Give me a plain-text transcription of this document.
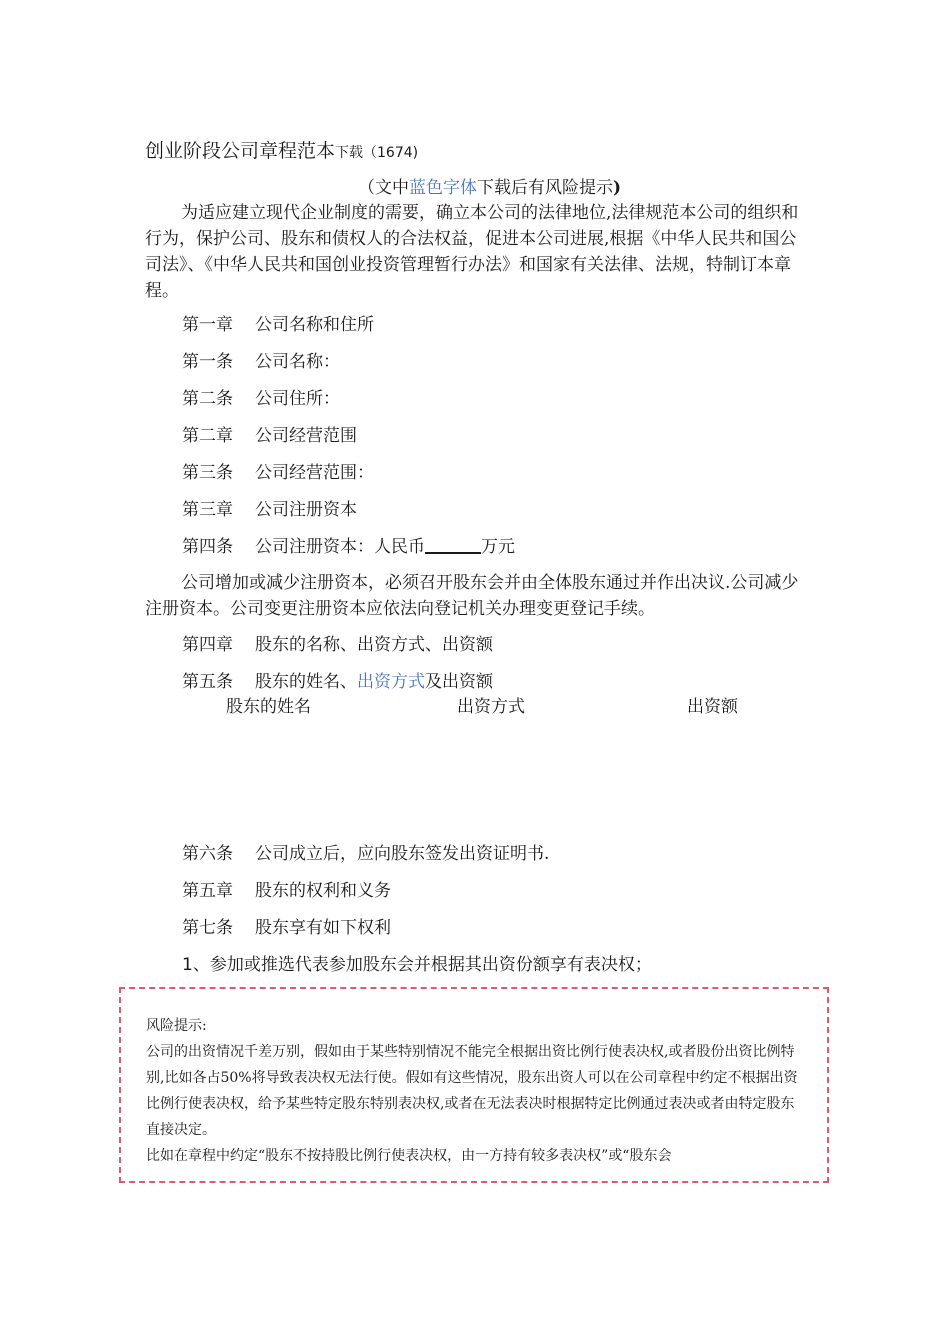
创业阶段公司章程范本下载（1674)
（文中蓝色字体下载后有风险提示)
为适应建立现代企业制度的需要，确立本公司的法律地位,法律规范本公司的组织和行为，保护公司、股东和债权人的合法权益，促进本公司进展,根据《中华人民共和国公司法》、《中华人民共和国创业投资管理暂行办法》和国家有关法律、法规，特制订本章程。
第一章 公司名称和住所
第一条 公司名称：
第二条 公司住所：
第二章 公司经营范围
第三条 公司经营范围：
第三章 公司注册资本
第四条 公司注册资本：人民币	万元
公司增加或减少注册资本，必须召开股东会并由全体股东通过并作出决议.公司减少注册资本。公司变更注册资本应依法向登记机关办理变更登记手续。
第四章 股东的名称、出资方式、出资额
第五条 股东的姓名、出资方式及出资额
股东的姓名	出资方式	出资额
第六条 公司成立后，应向股东签发出资证明书.
第五章 股东的权利和义务
第七条 股东享有如下权利
1、参加或推选代表参加股东会并根据其出资份额享有表决权；
风险提示:

公司的出资情况千差万别，假如由于某些特别情况不能完全根据出资比例行使表决权,或者股份出资比例特别,比如各占50%将导致表决权无法行使。假如有这些情况，股东出资人可以在公司章程中约定不根据出资比例行使表决权，给予某些特定股东特别表决权,或者在无法表决时根据特定比例通过表决或者由特定股东直接决定。

比如在章程中约定“股东不按持股比例行使表决权，由一方持有较多表决权”或“股东会
